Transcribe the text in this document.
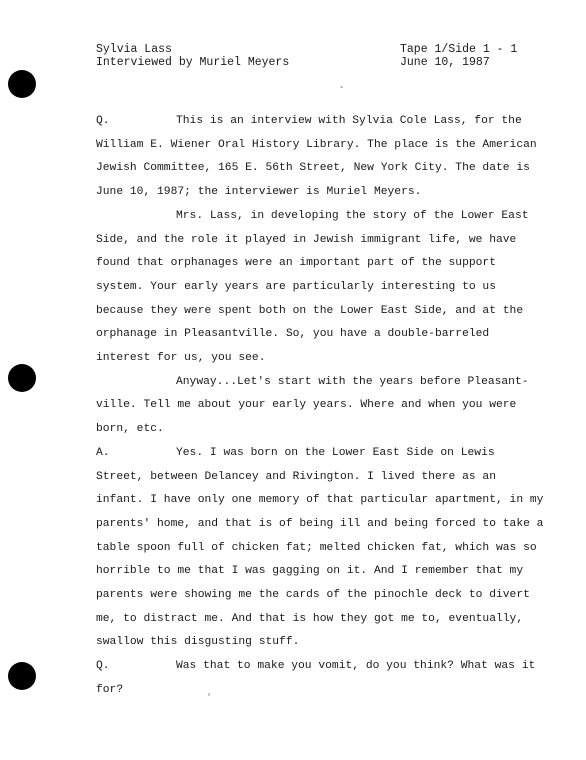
Sylvia Lass
Interviewed by Muriel Meyers
Tape 1/Side 1 - 1
June 10, 1987

Q.	This is an interview with Sylvia Cole Lass, for the William E. Wiener Oral History Library. The place is the American Jewish Committee, 165 E. 56th Street, New York City. The date is June 10, 1987; the interviewer is Muriel Meyers.

Mrs. Lass, in developing the story of the Lower East Side, and the role it played in Jewish immigrant life, we have found that orphanages were an important part of the support system. Your early years are particularly interesting to us because they were spent both on the Lower East Side, and at the orphanage in Pleasantville. So, you have a double-barreled interest for us, you see.

Anyway...Let's start with the years before Pleasant-ville. Tell me about your early years. Where and when you were born, etc.

A.	Yes. I was born on the Lower East Side on Lewis Street, between Delancey and Rivington. I lived there as an infant. I have only one memory of that particular apartment, in my parents' home, and that is of being ill and being forced to take a table spoon full of chicken fat; melted chicken fat, which was so horrible to me that I was gagging on it. And I remember that my parents were showing me the cards of the pinochle deck to divert me, to distract me. And that is how they got me to, eventually, swallow this disgusting stuff.

Q.	Was that to make you vomit, do you think? What was it for?
